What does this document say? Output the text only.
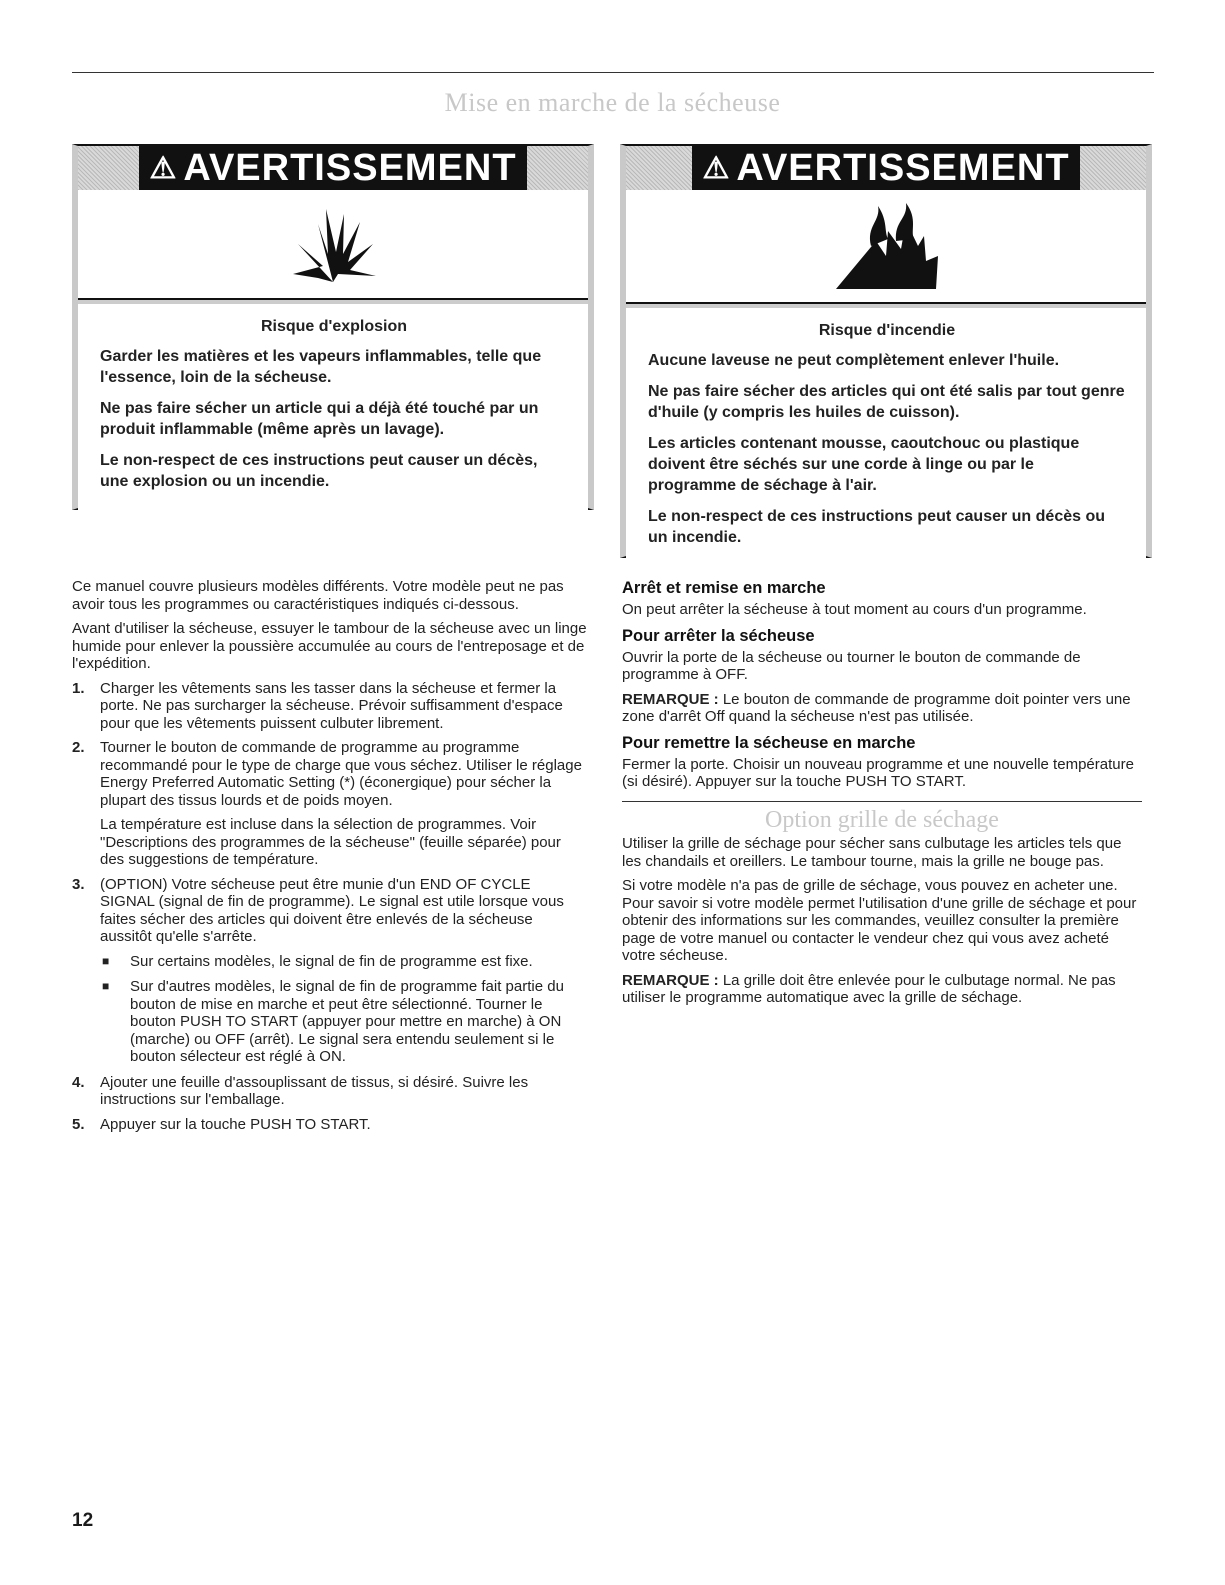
Mise en marche de la sécheuse
⚠ AVERTISSEMENT
Risque d'explosion

Garder les matières et les vapeurs inflammables, telle que l'essence, loin de la sécheuse.

Ne pas faire sécher un article qui a déjà été touché par un produit inflammable (même après un lavage).

Le non-respect de ces instructions peut causer un décès, une explosion ou un incendie.

⚠ AVERTISSEMENT
Risque d'incendie

Aucune laveuse ne peut complètement enlever l'huile.

Ne pas faire sécher des articles qui ont été salis par tout genre d'huile (y compris les huiles de cuisson).

Les articles contenant mousse, caoutchouc ou plastique doivent être séchés sur une corde à linge ou par le programme de séchage à l'air.

Le non-respect de ces instructions peut causer un décès ou un incendie.

Ce manuel couvre plusieurs modèles différents. Votre modèle peut ne pas avoir tous les programmes ou caractéristiques indiqués ci-dessous.

Avant d'utiliser la sécheuse, essuyer le tambour de la sécheuse avec un linge humide pour enlever la poussière accumulée au cours de l'entreposage et de l'expédition.

1. Charger les vêtements sans les tasser dans la sécheuse et fermer la porte. Ne pas surcharger la sécheuse. Prévoir suffisamment d'espace pour que les vêtements puissent culbuter librement.
2. Tourner le bouton de commande de programme au programme recommandé pour le type de charge que vous séchez. Utiliser le réglage Energy Preferred Automatic Setting (*) (éconergique) pour sécher la plupart des tissus lourds et de poids moyen.
La température est incluse dans la sélection de programmes. Voir "Descriptions des programmes de la sécheuse" (feuille séparée) pour des suggestions de température.
3. (OPTION) Votre sécheuse peut être munie d'un END OF CYCLE SIGNAL (signal de fin de programme). Le signal est utile lorsque vous faites sécher des articles qui doivent être enlevés de la sécheuse aussitôt qu'elle s'arrête.
■ Sur certains modèles, le signal de fin de programme est fixe.
■ Sur d'autres modèles, le signal de fin de programme fait partie du bouton de mise en marche et peut être sélectionné. Tourner le bouton PUSH TO START (appuyer pour mettre en marche) à ON (marche) ou OFF (arrêt). Le signal sera entendu seulement si le bouton sélecteur est réglé à ON.
4. Ajouter une feuille d'assouplissant de tissus, si désiré. Suivre les instructions sur l'emballage.
5. Appuyer sur la touche PUSH TO START.
Arrêt et remise en marche

On peut arrêter la sécheuse à tout moment au cours d'un programme.

Pour arrêter la sécheuse

Ouvrir la porte de la sécheuse ou tourner le bouton de commande de programme à OFF.

REMARQUE : Le bouton de commande de programme doit pointer vers une zone d'arrêt Off quand la sécheuse n'est pas utilisée.

Pour remettre la sécheuse en marche

Fermer la porte. Choisir un nouveau programme et une nouvelle température (si désiré). Appuyer sur la touche PUSH TO START.

Option grille de séchage

Utiliser la grille de séchage pour sécher sans culbutage les articles tels que les chandails et oreillers. Le tambour tourne, mais la grille ne bouge pas.

Si votre modèle n'a pas de grille de séchage, vous pouvez en acheter une. Pour savoir si votre modèle permet l'utilisation d'une grille de séchage et pour obtenir des informations sur les commandes, veuillez consulter la première page de votre manuel ou contacter le vendeur chez qui vous avez acheté votre sécheuse.

REMARQUE : La grille doit être enlevée pour le culbutage normal. Ne pas utiliser le programme automatique avec la grille de séchage.

12
